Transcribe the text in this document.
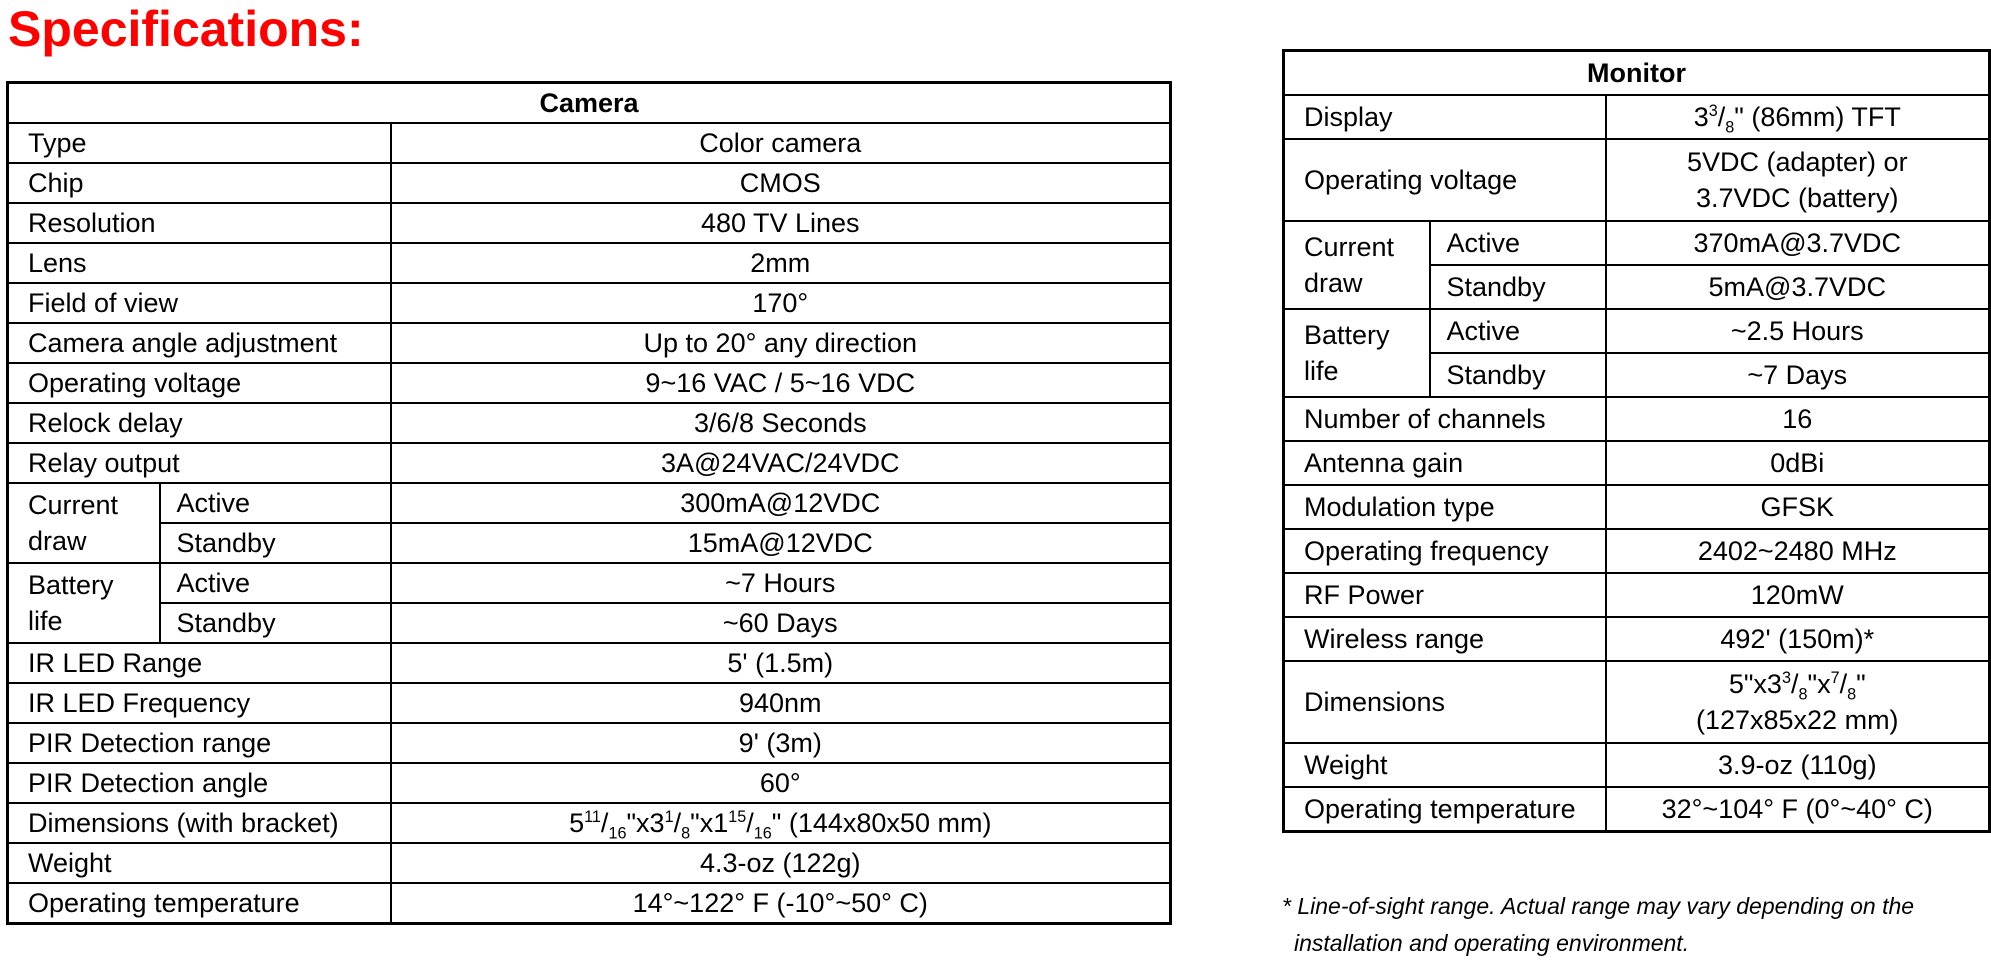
Specifications:
Camera		
Type		Color camera
Chip		CMOS
Resolution		480 TV Lines
Lens		2mm
Field of view		170°
Camera angle adjustment		Up to 20° any direction
Operating voltage		9~16 VAC / 5~16 VDC
Relock delay		3/6/8 Seconds
Relay output		3A@24VAC/24VDC
Current
draw	Active	300mA@12VDC
	Standby	15mA@12VDC
Battery
life	Active	~7 Hours
	Standby	~60 Days
IR LED Range		5' (1.5m)
IR LED Frequency		940nm
PIR Detection range		9' (3m)
PIR Detection angle		60°
Dimensions (with bracket)		$5^{11}/_{16}"x3^1/_8"x1^{15}/_{16}$" (144x80x50 mm)
Weight		4.3-oz (122g)
Operating temperature		14°~122° F (-10°~50° C)
Monitor		
Display		$3^3/_8$" (86mm) TFT
Operating voltage		5VDC (adapter) or
3.7VDC (battery)
Current
draw	Active	370mA@3.7VDC
	Standby	5mA@3.7VDC
Battery
life	Active	~2.5 Hours
	Standby	~7 Days
Number of channels		16
Antenna gain		0dBi
Modulation type		GFSK
Operating frequency		2402~2480 MHz
RF Power		120mW
Wireless range		492' (150m)*
Dimensions		$5"x3^3/_8"x^7/_8$"
(127x85x22 mm)
Weight		3.9-oz (110g)
Operating temperature		32°~104° F (0°~40° C)

* Line-of-sight range. Actual range may vary depending on the
installation and operating environment.
